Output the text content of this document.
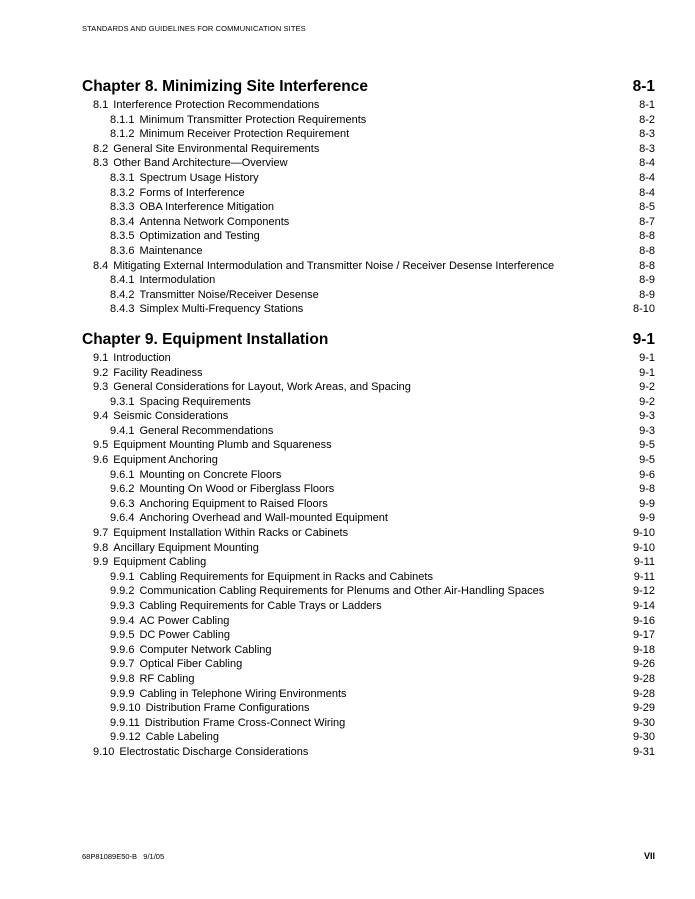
STANDARDS AND GUIDELINES FOR COMMUNICATION SITES
Chapter 8. Minimizing Site Interference	8-1
8.1 Interference Protection Recommendations	8-1
8.1.1 Minimum Transmitter Protection Requirements	8-2
8.1.2 Minimum Receiver Protection Requirement	8-3
8.2 General Site Environmental Requirements	8-3
8.3 Other Band Architecture—Overview	8-4
8.3.1 Spectrum Usage History	8-4
8.3.2 Forms of Interference	8-4
8.3.3 OBA Interference Mitigation	8-5
8.3.4 Antenna Network Components	8-7
8.3.5 Optimization and Testing	8-8
8.3.6 Maintenance	8-8
8.4 Mitigating External Intermodulation and Transmitter Noise / Receiver Desense Interference	8-8
8.4.1 Intermodulation	8-9
8.4.2 Transmitter Noise/Receiver Desense	8-9
8.4.3 Simplex Multi-Frequency Stations	8-10
Chapter 9. Equipment Installation	9-1
9.1 Introduction	9-1
9.2 Facility Readiness	9-1
9.3 General Considerations for Layout, Work Areas, and Spacing	9-2
9.3.1 Spacing Requirements	9-2
9.4 Seismic Considerations	9-3
9.4.1 General Recommendations	9-3
9.5 Equipment Mounting Plumb and Squareness	9-5
9.6 Equipment Anchoring	9-5
9.6.1 Mounting on Concrete Floors	9-6
9.6.2 Mounting On Wood or Fiberglass Floors	9-8
9.6.3 Anchoring Equipment to Raised Floors	9-9
9.6.4 Anchoring Overhead and Wall-mounted Equipment	9-9
9.7 Equipment Installation Within Racks or Cabinets	9-10
9.8 Ancillary Equipment Mounting	9-10
9.9 Equipment Cabling	9-11
9.9.1 Cabling Requirements for Equipment in Racks and Cabinets	9-11
9.9.2 Communication Cabling Requirements for Plenums and Other Air-Handling Spaces	9-12
9.9.3 Cabling Requirements for Cable Trays or Ladders	9-14
9.9.4 AC Power Cabling	9-16
9.9.5 DC Power Cabling	9-17
9.9.6 Computer Network Cabling	9-18
9.9.7 Optical Fiber Cabling	9-26
9.9.8 RF Cabling	9-28
9.9.9 Cabling in Telephone Wiring Environments	9-28
9.9.10 Distribution Frame Configurations	9-29
9.9.11 Distribution Frame Cross-Connect Wiring	9-30
9.9.12 Cable Labeling	9-30
9.10 Electrostatic Discharge Considerations	9-31
68P81089E50-B   9/1/05	VII
